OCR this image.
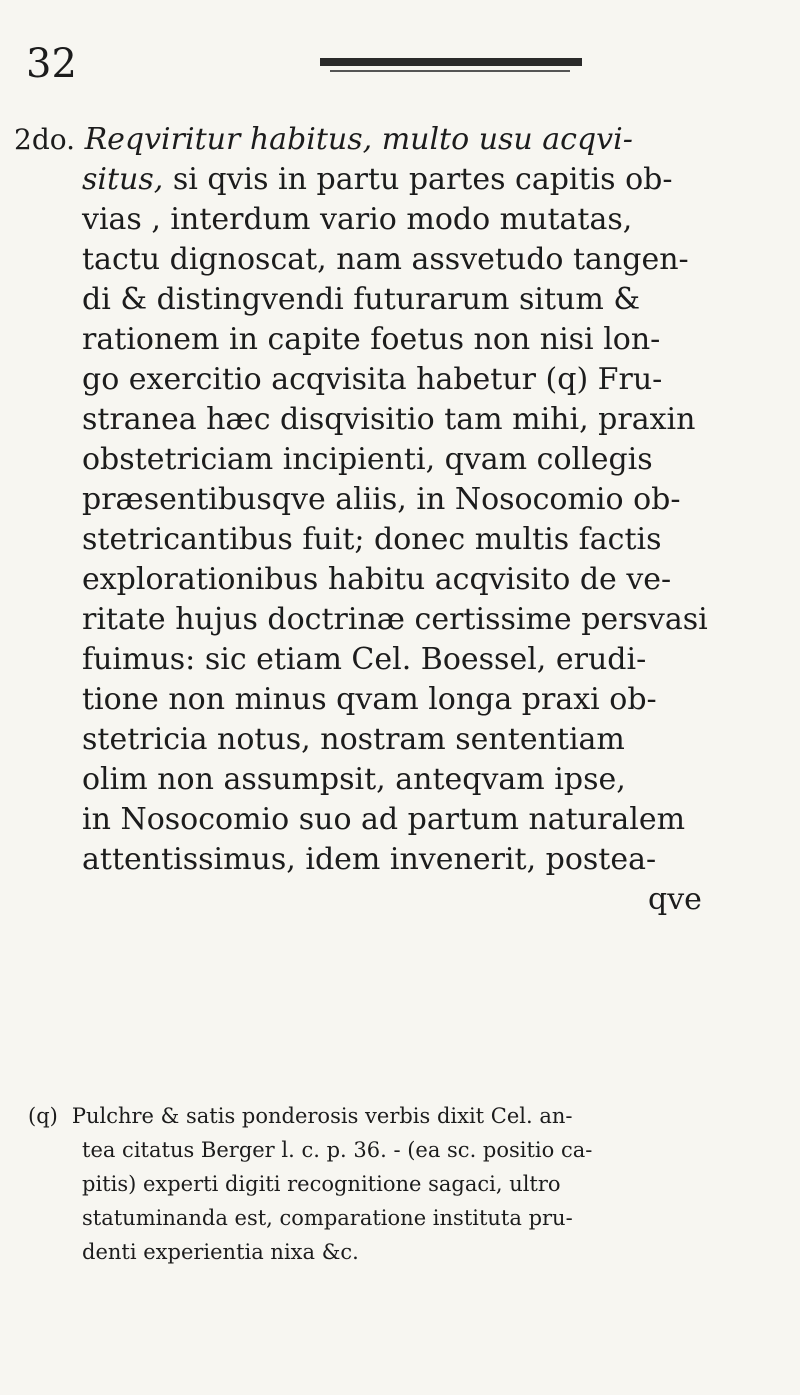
32
2do. Reqviritur habitus, multo usu acqvi-
situs, si qvis in partu partes capitis ob-
vias , interdum vario modo mutatas,
tactu dignoscat, nam assvetudo tangen-
di & distingvendi futurarum situm &
rationem in capite foetus non nisi lon-
go exercitio acqvisita habetur (q) Fru-
stranea hæc disqvisitio tam mihi, praxin
obstetriciam incipienti, qvam collegis
præsentibusqve aliis, in Nosocomio ob-
stetricantibus fuit; donec multis factis
explorationibus habitu acqvisito de ve-
ritate hujus doctrinæ certissime persvasi
fuimus: sic etiam Cel. Boessel, erudi-
tione non minus qvam longa praxi ob-
stetricia notus, nostram sententiam
olim non assumpsit, anteqvam ipse,
in Nosocomio suo ad partum naturalem
attentissimus, idem invenerit, postea-
qve
(q) Pulchre & satis ponderosis verbis dixit Cel. an-
tea citatus Berger l. c. p. 36. - (ea sc. positio ca-
pitis) experti digiti recognitione sagaci, ultro
statuminanda est, comparatione instituta pru-
denti experientia nixa &c.
